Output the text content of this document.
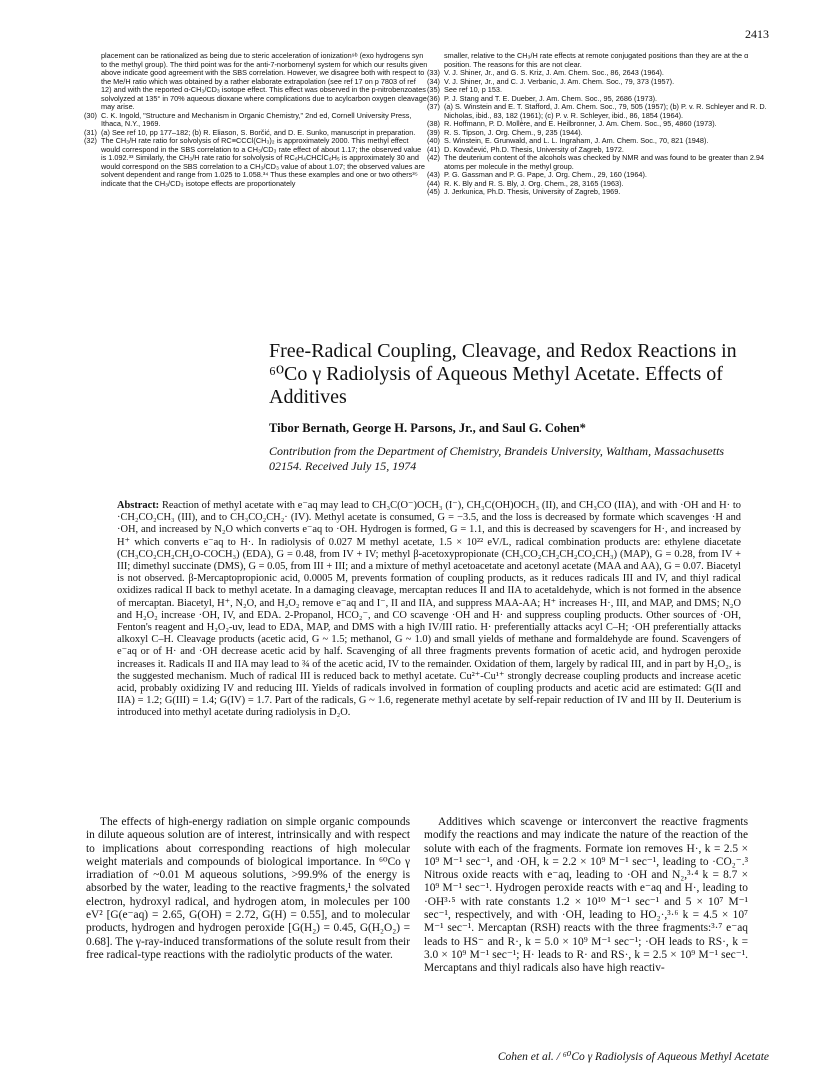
2413
placement can be rationalized as being due to steric acceleration of ionization⁹ᵇ (exo hydrogens syn to the methyl group). The third point was for the anti-7-norbornenyl system for which our results given above indicate good agreement with the SBS correlation. However, we disagree both with respect to the Me/H ratio which was obtained by a rather elaborate extrapolation (see ref 17 on p 7803 of ref 12) and with the reported α-CH₃/CD₃ isotope effect. This effect was observed in the p-nitrobenzoates solvolyzed at 135° in 70% aqueous dioxane where complications due to acylcarbon oxygen cleavage may arise.
(30) C. K. Ingold, "Structure and Mechanism in Organic Chemistry," 2nd ed, Cornell University Press, Ithaca, N.Y., 1969.
(31) (a) See ref 10, pp 177–182; (b) R. Eliason, S. Borčić, and D. E. Sunko, manuscript in preparation.
(32) The CH₃/H rate ratio for solvolysis of RC≡CCCl(CH₃)₂ is approximately 2000. This methyl effect would correspond in the SBS correlation to a CH₃/CD₃ rate effect of about 1.17; the observed value is 1.092.³³ Similarly, the CH₃/H rate ratio for solvolysis of RC₆H₄CHClC₆H₅ is approximately 30 and would correspond on the SBS correlation to a CH₃/CD₃ value of about 1.07; the observed values are solvent dependent and range from 1.025 to 1.058.³⁴ Thus these examples and one or two others³⁵ indicate that the CH₃/CD₃ isotope effects are proportionately
smaller, relative to the CH₃/H rate effects at remote conjugated positions than they are at the α position. The reasons for this are not clear.
(33) V. J. Shiner, Jr., and G. S. Kriz, J. Am. Chem. Soc., 86, 2643 (1964).
(34) V. J. Shiner, Jr., and C. J. Verbanic, J. Am. Chem. Soc., 79, 373 (1957).
(35) See ref 10, p 153.
(36) P. J. Stang and T. E. Dueber, J. Am. Chem. Soc., 95, 2686 (1973).
(37) (a) S. Winstein and E. T. Stafford, J. Am. Chem. Soc., 79, 505 (1957); (b) P. v. R. Schleyer and R. D. Nicholas, ibid., 83, 182 (1961); (c) P. v. R. Schleyer, ibid., 86, 1854 (1964).
(38) R. Hoffmann, P. D. Mollère, and E. Heilbronner, J. Am. Chem. Soc., 95, 4860 (1973).
(39) R. S. Tipson, J. Org. Chem., 9, 235 (1944).
(40) S. Winstein, E. Grunwald, and L. L. Ingraham, J. Am. Chem. Soc., 70, 821 (1948).
(41) D. Kovačević, Ph.D. Thesis, University of Zagreb, 1972.
(42) The deuterium content of the alcohols was checked by NMR and was found to be greater than 2.94 atoms per molecule in the methyl group.
(43) P. G. Gassman and P. G. Pape, J. Org. Chem., 29, 160 (1964).
(44) R. K. Bly and R. S. Bly, J. Org. Chem., 28, 3165 (1963).
(45) J. Jerkunica, Ph.D. Thesis, University of Zagreb, 1969.
Free-Radical Coupling, Cleavage, and Redox Reactions in ⁶⁰Co γ Radiolysis of Aqueous Methyl Acetate. Effects of Additives
Tibor Bernath, George H. Parsons, Jr., and Saul G. Cohen*
Contribution from the Department of Chemistry, Brandeis University, Waltham, Massachusetts 02154. Received July 15, 1974
Abstract: Reaction of methyl acetate with e⁻aq may lead to CH₃C(O⁻)OCH₃ (I⁻), CH₃C(OH)OCH₃ (II), and CH₃CO (IIA), and with ·OH and H· to ·CH₂CO₂CH₃ (III), and to CH₃CO₂CH₂· (IV). Methyl acetate is consumed, G = −3.5, and the loss is decreased by formate which scavenges ·H and ·OH, and increased by N₂O which converts e⁻aq to ·OH. Hydrogen is formed, G = 1.1, and this is decreased by scavengers for H·, and increased by H⁺ which converts e⁻aq to H·. In radiolysis of 0.027 M methyl acetate, 1.5 × 10²² eV/L, radical combination products are: ethylene diacetate (CH₃CO₂CH₂CH₂O-COCH₃) (EDA), G = 0.48, from IV + IV; methyl β-acetoxypropionate (CH₃CO₂CH₂CH₂CO₂CH₃) (MAP), G = 0.28, from IV + III; dimethyl succinate (DMS), G = 0.05, from III + III; and a mixture of methyl acetoacetate and acetonyl acetate (MAA and AA), G = 0.07. Biacetyl is not observed. β-Mercaptopropionic acid, 0.0005 M, prevents formation of coupling products, as it reduces radicals III and IV, and thiyl radical oxidizes radical II back to methyl acetate. In a damaging cleavage, mercaptan reduces II and IIA to acetaldehyde, which is not formed in the absence of mercaptan. Biacetyl, H⁺, N₂O, and H₂O₂ remove e⁻aq and I⁻, II and IIA, and suppress MAA-AA; H⁺ increases H·, III, and MAP, and DMS; N₂O and H₂O₂ increase ·OH, IV, and EDA. 2-Propanol, HCO₂⁻, and CO scavenge ·OH and H· and suppress coupling products. Other sources of ·OH, Fenton's reagent and H₂O₂-uv, lead to EDA, MAP, and DMS with a high IV/III ratio. H· preferentially attacks acyl C–H; ·OH preferentially attacks alkoxyl C–H. Cleavage products (acetic acid, G ~ 1.5; methanol, G ~ 1.0) and small yields of methane and formaldehyde are found. Scavengers of e⁻aq or of H· and ·OH decrease acetic acid by half. Scavenging of all three fragments prevents formation of acetic acid, and hydrogen peroxide increases it. Radicals II and IIA may lead to ¾ of the acetic acid, IV to the remainder. Oxidation of them, largely by radical III, and in part by H₂O₂, is the suggested mechanism. Much of radical III is reduced back to methyl acetate. Cu²⁺-Cu¹⁺ strongly decrease coupling products and increase acetic acid, probably oxidizing IV and reducing III. Yields of radicals involved in formation of coupling products and acetic acid are estimated: G(II and IIA) = 1.2; G(III) = 1.4; G(IV) = 1.7. Part of the radicals, G ~ 1.6, regenerate methyl acetate by self-repair reduction of IV and III by II. Deuterium is introduced into methyl acetate during radiolysis in D₂O.
The effects of high-energy radiation on simple organic compounds in dilute aqueous solution are of interest, intrinsically and with respect to implications about corresponding reactions of high molecular weight materials and compounds of biological importance. In ⁶⁰Co γ irradiation of ~0.01 M aqueous solutions, >99.9% of the energy is absorbed by the water, leading to the reactive fragments,¹ the solvated electron, hydroxyl radical, and hydrogen atom, in molecules per 100 eV² [G(e⁻aq) = 2.65, G(OH) = 2.72, G(H) = 0.55], and to molecular products, hydrogen and hydrogen peroxide [G(H₂) = 0.45, G(H₂O₂) = 0.68]. The γ-ray-induced transformations of the solute result from their free radical-type reactions with the radiolytic products of the water.
Additives which scavenge or interconvert the reactive fragments modify the reactions and may indicate the nature of the reaction of the solute with each of the fragments. Formate ion removes H·, k = 2.5 × 10⁹ M⁻¹ sec⁻¹, and ·OH, k = 2.2 × 10⁹ M⁻¹ sec⁻¹, leading to ·CO₂⁻.³ Nitrous oxide reacts with e⁻aq, leading to ·OH and N₂,³·⁴ k = 8.7 × 10⁹ M⁻¹ sec⁻¹. Hydrogen peroxide reacts with e⁻aq and H·, leading to ·OH³·⁵ with rate constants 1.2 × 10¹⁰ M⁻¹ sec⁻¹ and 5 × 10⁷ M⁻¹ sec⁻¹, respectively, and with ·OH, leading to HO₂·,³·⁶ k = 4.5 × 10⁷ M⁻¹ sec⁻¹. Mercaptan (RSH) reacts with the three fragments:³·⁷ e⁻aq leads to HS⁻ and R·, k = 5.0 × 10⁹ M⁻¹ sec⁻¹; ·OH leads to RS·, k = 3.0 × 10⁹ M⁻¹ sec⁻¹; H· leads to R· and RS·, k = 2.5 × 10⁹ M⁻¹ sec⁻¹. Mercaptans and thiyl radicals also have high reactiv-
Cohen et al. / ⁶⁰Co γ Radiolysis of Aqueous Methyl Acetate
